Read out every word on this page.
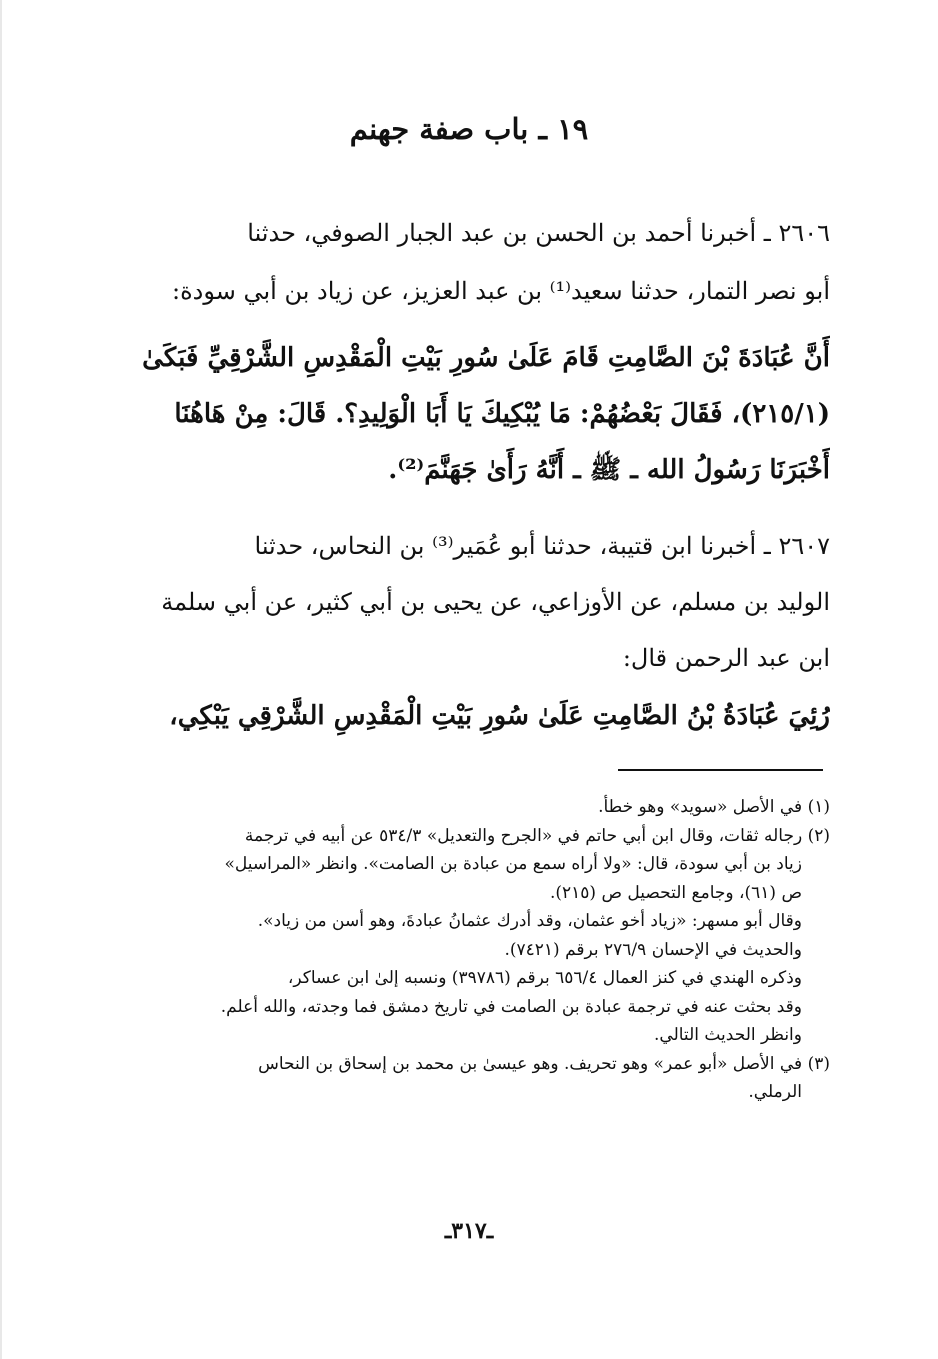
١٩ ـ باب صفة جهنم
٢٦٠٦ ـ أخبرنا أحمد بن الحسن بن عبد الجبار الصوفي، حدثنا
أبو نصر التمار، حدثنا سعيد⁽¹⁾ بن عبد العزيز، عن زياد بن أبي سودة:
أَنَّ عُبَادَةَ بْنَ الصَّامِتِ قَامَ عَلَىٰ سُورِ بَيْتِ الْمَقْدِسِ الشَّرْقِيِّ فَبَكَىٰ
(٢١٥/١)، فَقَالَ بَعْضُهُمْ: مَا يُبْكِيكَ يَا أَبَا الْوَلِيدِ؟. قَالَ: مِنْ هَاهُنَا
أَخْبَرَنَا رَسُولُ الله ـ ﷺ ـ أَنَّهُ رَأَىٰ جَهَنَّمَ⁽²⁾.
٢٦٠٧ ـ أخبرنا ابن قتيبة، حدثنا أبو عُمَير⁽³⁾ بن النحاس، حدثنا
الوليد بن مسلم، عن الأوزاعي، عن يحيى بن أبي كثير، عن أبي سلمة
ابن عبد الرحمن قال:
رُئِيَ عُبَادَةُ بْنُ الصَّامِتِ عَلَىٰ سُورِ بَيْتِ الْمَقْدِسِ الشَّرْقِي يَبْكِي،
(١) في الأصل «سويد» وهو خطأ.
(٢) رجاله ثقات، وقال ابن أبي حاتم في «الجرح والتعديل» ٥٣٤/٣ عن أبيه في ترجمة
زياد بن أبي سودة، قال: «ولا أراه سمع من عبادة بن الصامت». وانظر «المراسيل»
ص (٦١)، وجامع التحصيل ص (٢١٥).
وقال أبو مسهر: «زياد أخو عثمان، وقد أدرك عثمانُ عبادةَ، وهو أسن من زياد».
والحديث في الإحسان ٢٧٦/٩ برقم (٧٤٢١).
وذكره الهندي في كنز العمال ٦٥٦/٤ برقم (٣٩٧٨٦) ونسبه إلىٰ ابن عساكر،
وقد بحثت عنه في ترجمة عبادة بن الصامت في تاريخ دمشق فما وجدته، والله أعلم.
وانظر الحديث التالي.
(٣) في الأصل «أبو عمر» وهو تحريف. وهو عيسىٰ بن محمد بن إسحاق بن النحاس
الرملي.
ـ٣١٧ـ
